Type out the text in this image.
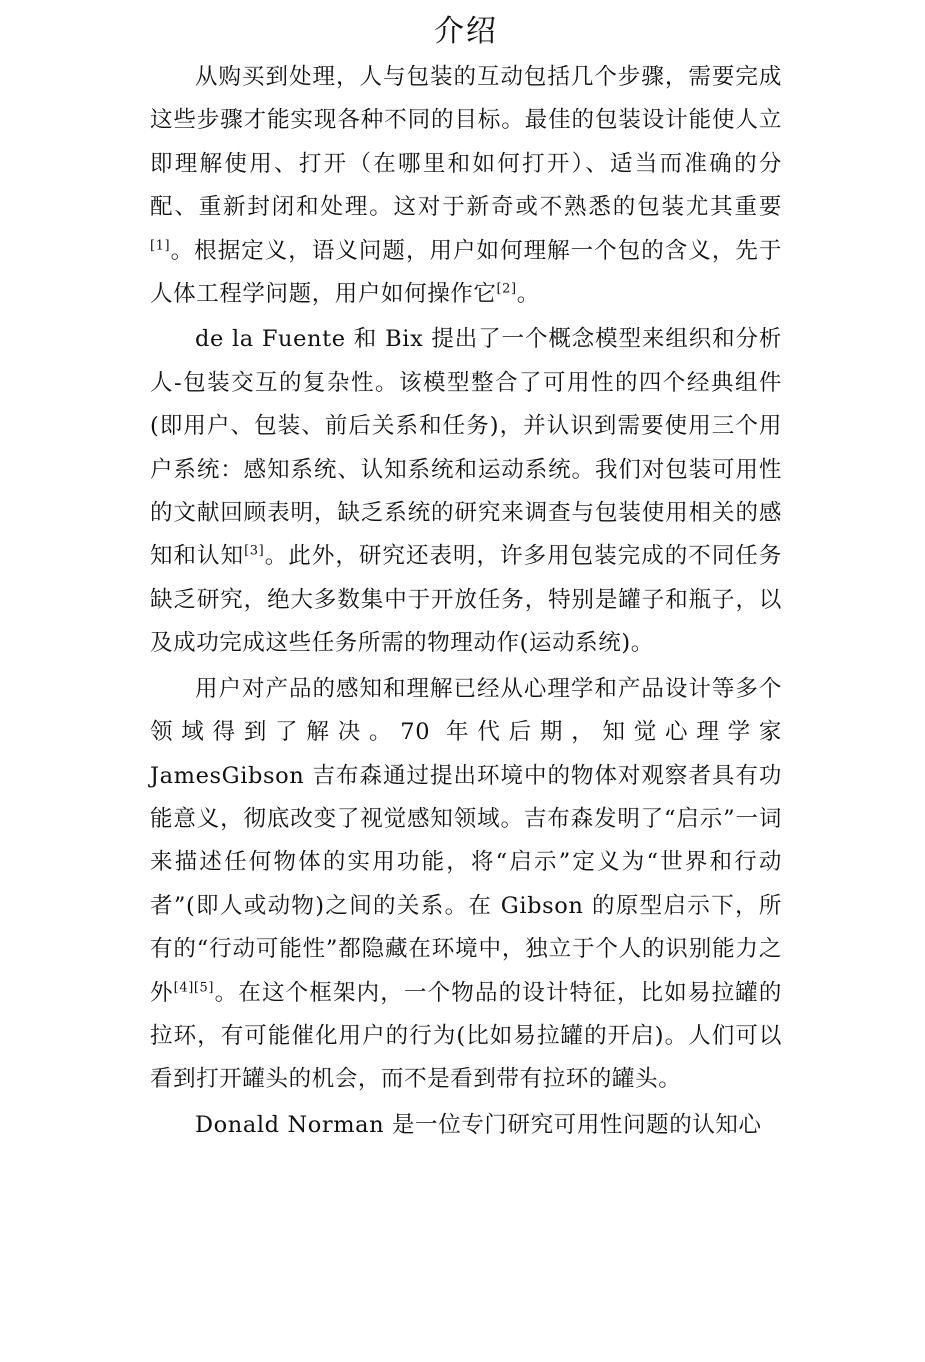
介绍

从购买到处理，人与包装的互动包括几个步骤，需要完成这些步骤才能实现各种不同的目标。最佳的包装设计能使人立即理解使用、打开（在哪里和如何打开）、适当而准确的分配、重新封闭和处理。这对于新奇或不熟悉的包装尤其重要[1]。根据定义，语义问题，用户如何理解一个包的含义，先于人体工程学问题，用户如何操作它[2]。

de la Fuente 和 Bix 提出了一个概念模型来组织和分析人-包装交互的复杂性。该模型整合了可用性的四个经典组件(即用户、包装、前后关系和任务)，并认识到需要使用三个用户系统：感知系统、认知系统和运动系统。我们对包装可用性的文献回顾表明，缺乏系统的研究来调查与包装使用相关的感知和认知[3]。此外，研究还表明，许多用包装完成的不同任务缺乏研究，绝大多数集中于开放任务，特别是罐子和瓶子，以及成功完成这些任务所需的物理动作(运动系统)。

用户对产品的感知和理解已经从心理学和产品设计等多个领域得到了解决。70 年代后期，知觉心理学家 JamesGibson 吉布森通过提出环境中的物体对观察者具有功能意义，彻底改变了视觉感知领域。吉布森发明了“启示”一词来描述任何物体的实用功能，将“启示”定义为“世界和行动者”(即人或动物)之间的关系。在 Gibson 的原型启示下，所有的“行动可能性”都隐藏在环境中，独立于个人的识别能力之外[4][5]。在这个框架内，一个物品的设计特征，比如易拉罐的拉环，有可能催化用户的行为(比如易拉罐的开启)。人们可以看到打开罐头的机会，而不是看到带有拉环的罐头。

Donald Norman 是一位专门研究可用性问题的认知心
